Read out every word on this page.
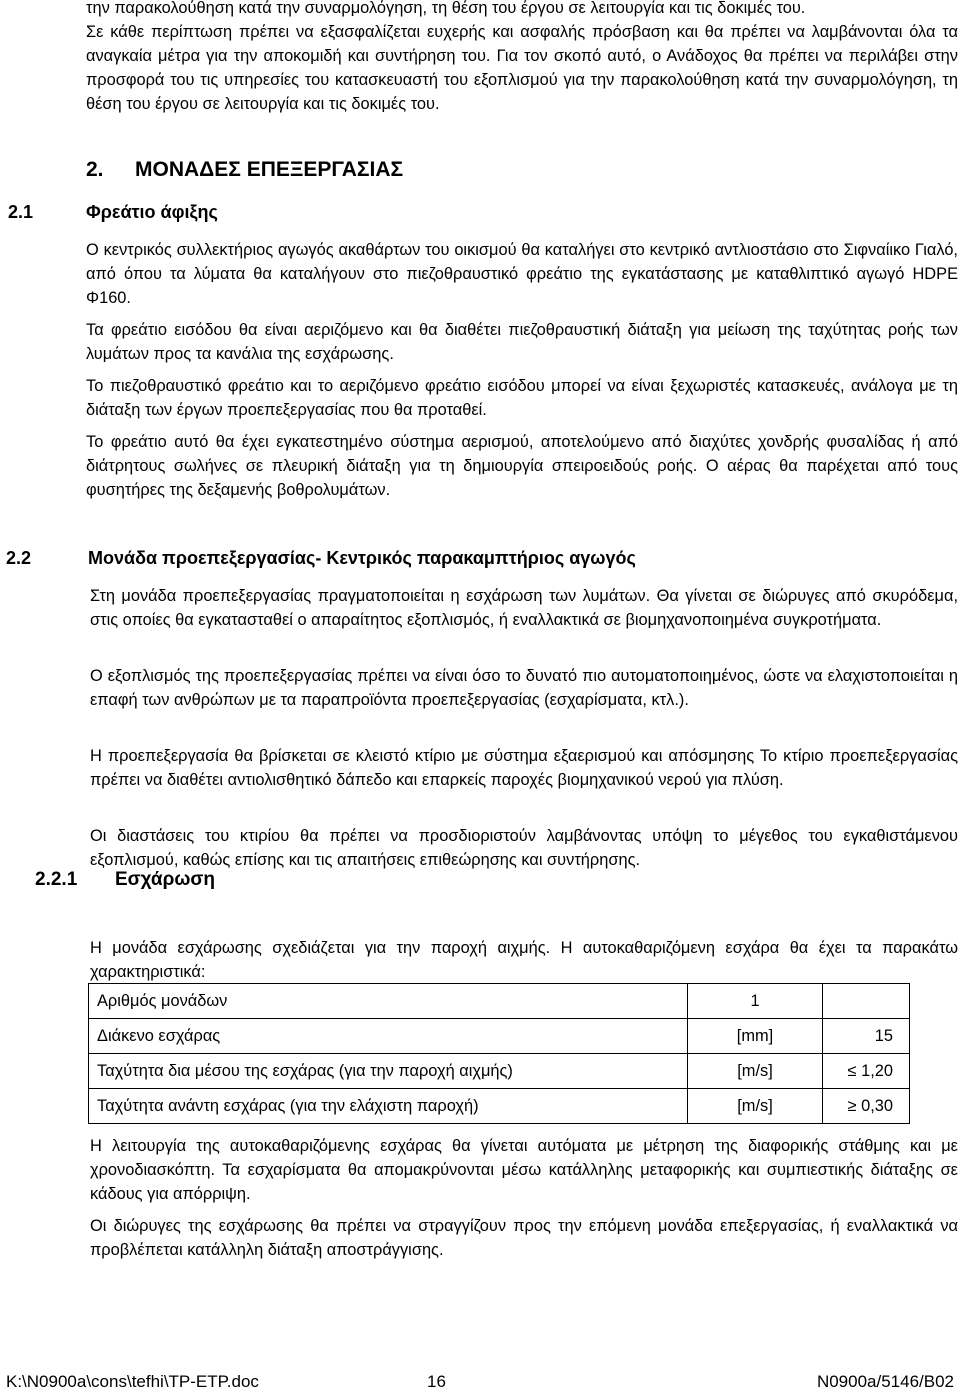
την παρακολούθηση κατά την συναρμολόγηση, τη θέση του έργου σε λειτουργία και τις δοκιμές του.

Σε κάθε περίπτωση πρέπει να εξασφαλίζεται ευχερής και ασφαλής πρόσβαση και θα πρέπει να λαμβάνονται όλα τα αναγκαία μέτρα για την αποκομιδή και συντήρηση του. Για τον σκοπό αυτό, ο Ανάδοχος θα πρέπει να περιλάβει στην προσφορά του τις υπηρεσίες του κατασκευαστή του εξοπλισμού για την παρακολούθηση κατά την συναρμολόγηση, τη θέση του έργου σε λειτουργία και τις δοκιμές του.

2. ΜΟΝΑΔΕΣ ΕΠΕΞΕΡΓΑΣΙΑΣ
2.1	Φρεάτιο άφιξης

Ο κεντρικός συλλεκτήριος αγωγός ακαθάρτων του οικισμού θα καταλήγει στο κεντρικό αντλιοστάσιο στο Σιφναίικο Γιαλό, από όπου τα λύματα θα καταλήγουν στο πιεζοθραυστικό φρεάτιο της εγκατάστασης με καταθλιπτικό αγωγό HDPE Φ160.

Τα φρεάτιο εισόδου θα είναι αεριζόμενο και θα διαθέτει πιεζοθραυστική διάταξη για μείωση της ταχύτητας ροής των λυμάτων προς τα κανάλια της εσχάρωσης.

Το πιεζοθραυστικό φρεάτιο και το αεριζόμενο φρεάτιο εισόδου μπορεί να είναι ξεχωριστές κατασκευές, ανάλογα με τη διάταξη των έργων προεπεξεργασίας που θα προταθεί.

Το φρεάτιο αυτό θα έχει εγκατεστημένο σύστημα αερισμού, αποτελούμενο από διαχύτες χονδρής φυσαλίδας ή από διάτρητους σωλήνες σε πλευρική διάταξη για τη δημιουργία σπειροειδούς ροής. Ο αέρας θα παρέχεται από τους φυσητήρες της δεξαμενής βοθρολυμάτων.

2.2	Μονάδα προεπεξεργασίας- Κεντρικός παρακαμπτήριος αγωγός

Στη μονάδα προεπεξεργασίας πραγματοποιείται η εσχάρωση των λυμάτων. Θα γίνεται σε διώρυγες από σκυρόδεμα, στις οποίες θα εγκατασταθεί ο απαραίτητος εξοπλισμός, ή εναλλακτικά σε βιομηχανοποιημένα συγκροτήματα.

Ο εξοπλισμός της προεπεξεργασίας πρέπει να είναι όσο το δυνατό πιο αυτοματοποιημένος, ώστε να ελαχιστοποιείται η επαφή των ανθρώπων με τα παραπροϊόντα προεπεξεργασίας (εσχαρίσματα, κτλ.).

Η προεπεξεργασία θα βρίσκεται σε κλειστό κτίριο με σύστημα εξαερισμού και απόσμησης Το κτίριο προεπεξεργασίας πρέπει να διαθέτει αντιολισθητικό δάπεδο και επαρκείς παροχές βιομηχανικού νερού για πλύση.

Οι διαστάσεις του κτιρίου θα πρέπει να προσδιοριστούν λαμβάνοντας υπόψη το μέγεθος του εγκαθιστάμενου εξοπλισμού, καθώς επίσης και τις απαιτήσεις επιθεώρησης και συντήρησης.

2.2.1 Εσχάρωση

Η μονάδα εσχάρωσης σχεδιάζεται για την παροχή αιχμής. Η αυτοκαθαριζόμενη εσχάρα θα έχει τα παρακάτω χαρακτηριστικά:

Αριθμός μονάδων	1	
Διάκενο εσχάρας	[mm]	15
Ταχύτητα δια μέσου της εσχάρας (για την παροχή αιχμής)	[m/s]	≤ 1,20
Ταχύτητα ανάντη εσχάρας (για την ελάχιστη παροχή)	[m/s]	≥ 0,30

Η λειτουργία της αυτοκαθαριζόμενης εσχάρας θα γίνεται αυτόματα με μέτρηση της διαφορικής στάθμης και με χρονοδιασκόπτη. Τα εσχαρίσματα θα απομακρύνονται μέσω κατάλληλης μεταφορικής και συμπιεστικής διάταξης σε κάδους για απόρριψη.

Οι διώρυγες της εσχάρωσης θα πρέπει να στραγγίζουν προς την επόμενη μονάδα επεξεργασίας, ή εναλλακτικά να προβλέπεται κατάλληλη διάταξη αποστράγγισης.

K:\N0900a\cons\tefhi\TP-ETP.doc	16	N0900a/5146/B02
